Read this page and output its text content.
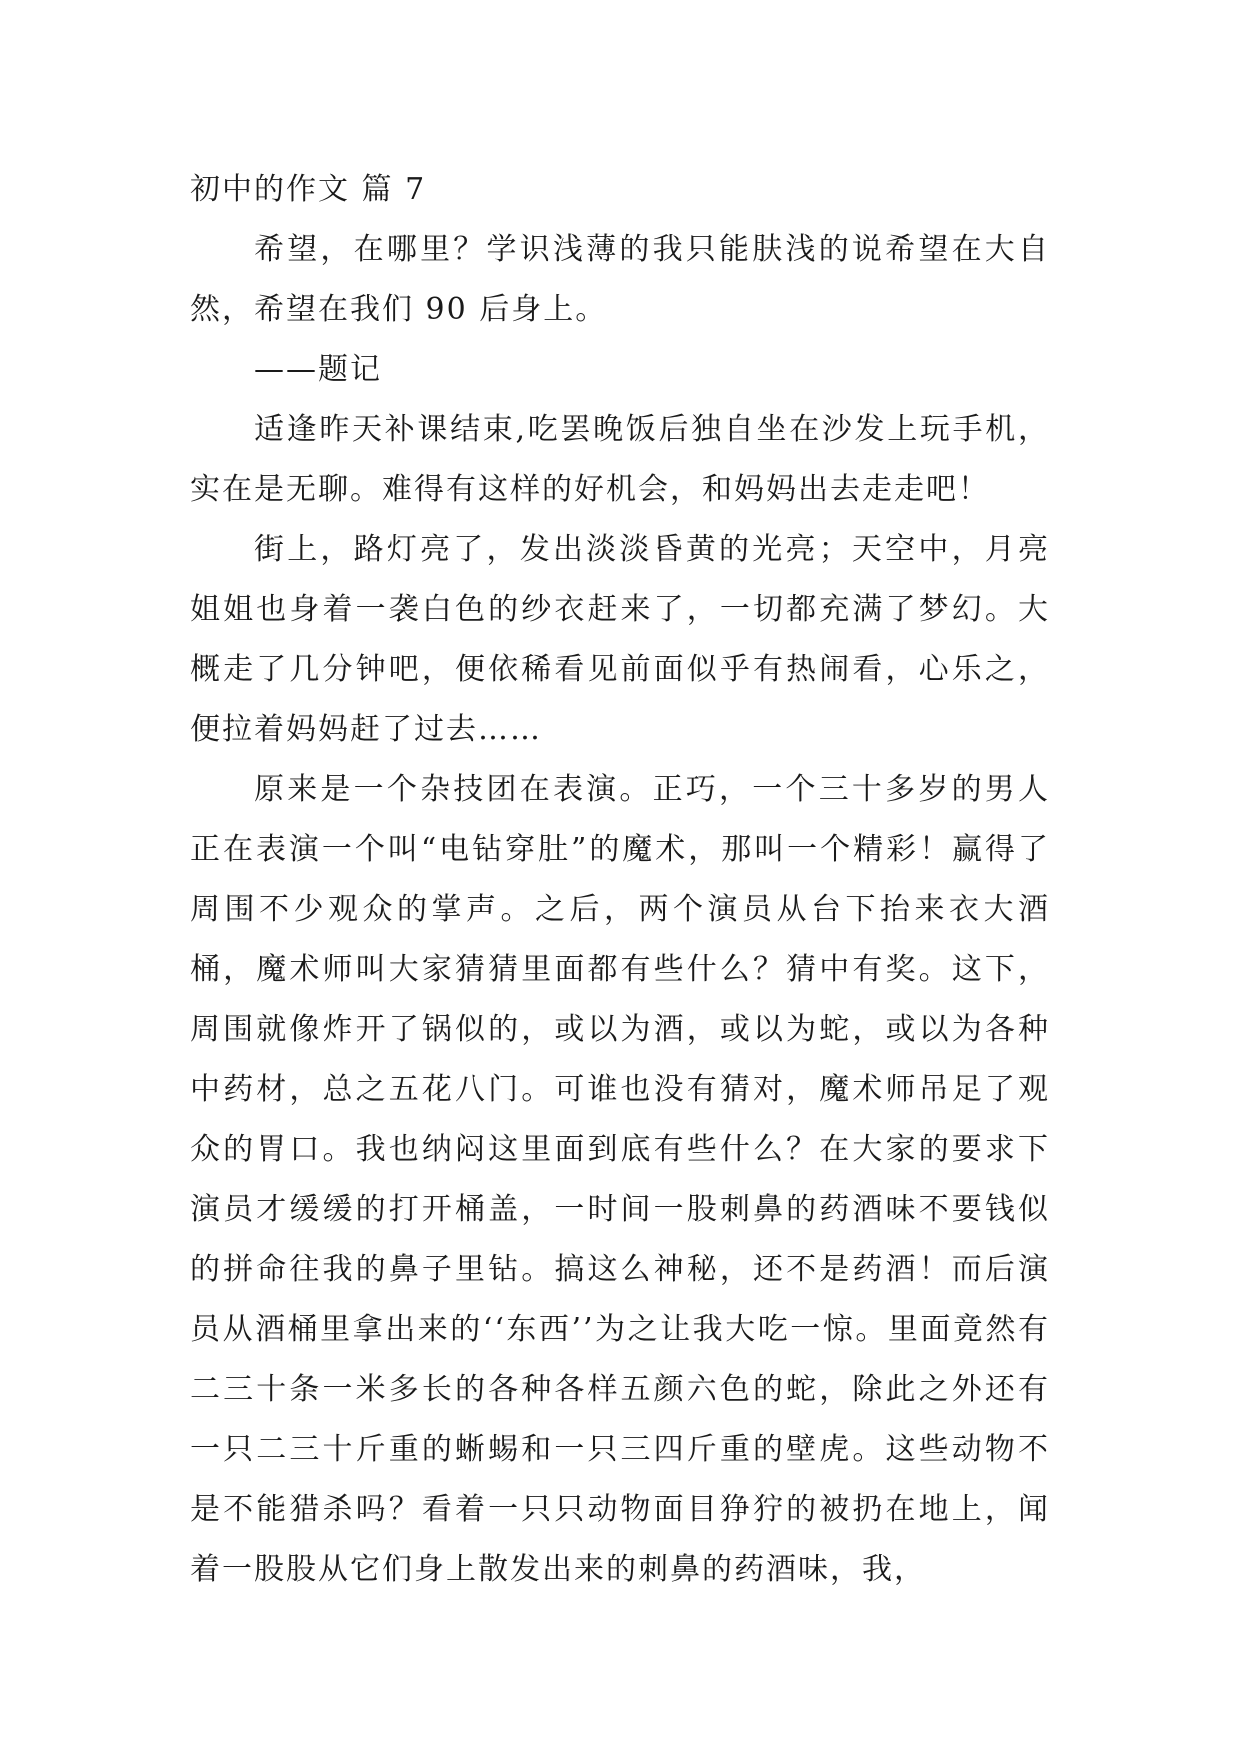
初中的作文 篇 7

希望，在哪里？学识浅薄的我只能肤浅的说希望在大自然，希望在我们 90 后身上。

——题记

适逢昨天补课结束,吃罢晚饭后独自坐在沙发上玩手机，实在是无聊。难得有这样的好机会，和妈妈出去走走吧！

街上，路灯亮了，发出淡淡昏黄的光亮；天空中，月亮姐姐也身着一袭白色的纱衣赶来了，一切都充满了梦幻。大概走了几分钟吧，便依稀看见前面似乎有热闹看，心乐之，便拉着妈妈赶了过去……

原来是一个杂技团在表演。正巧，一个三十多岁的男人正在表演一个叫“电钻穿肚”的魔术，那叫一个精彩！赢得了周围不少观众的掌声。之后，两个演员从台下抬来衣大酒桶，魔术师叫大家猜猜里面都有些什么？猜中有奖。这下，周围就像炸开了锅似的，或以为酒，或以为蛇，或以为各种中药材，总之五花八门。可谁也没有猜对，魔术师吊足了观众的胃口。我也纳闷这里面到底有些什么？在大家的要求下演员才缓缓的打开桶盖，一时间一股刺鼻的药酒味不要钱似的拼命往我的鼻子里钻。搞这么神秘，还不是药酒！而后演员从酒桶里拿出来的‘‘东西’’为之让我大吃一惊。里面竟然有二三十条一米多长的各种各样五颜六色的蛇，除此之外还有一只二三十斤重的蜥蜴和一只三四斤重的壁虎。这些动物不是不能猎杀吗？看着一只只动物面目狰狞的被扔在地上，闻着一股股从它们身上散发出来的刺鼻的药酒味，我，
